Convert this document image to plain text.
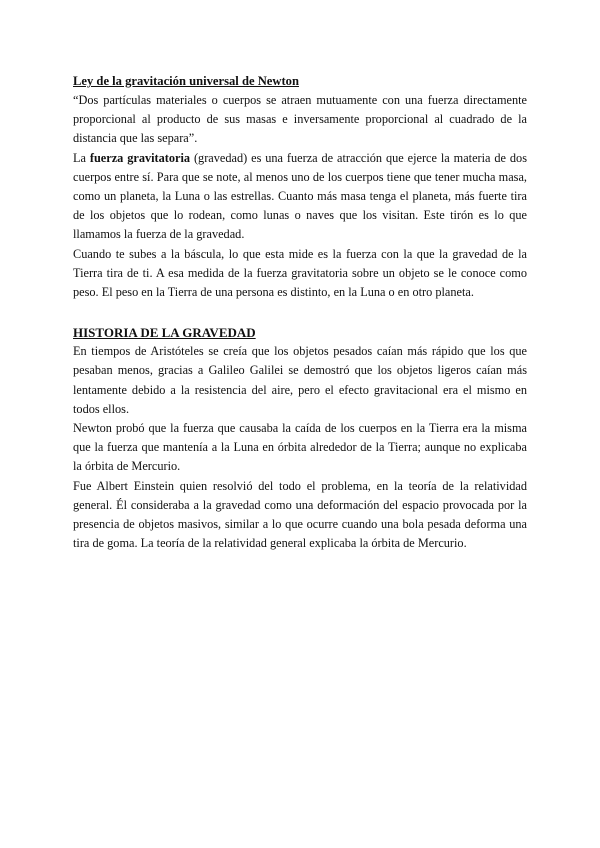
Ley de la gravitación universal de Newton

“Dos partículas materiales o cuerpos se atraen mutuamente con una fuerza directamente proporcional al producto de sus masas e inversamente proporcional al cuadrado de la distancia que las separa”.

La fuerza gravitatoria (gravedad) es una fuerza de atracción que ejerce la materia de dos cuerpos entre sí. Para que se note, al menos uno de los cuerpos tiene que tener mucha masa, como un planeta, la Luna o las estrellas. Cuanto más masa tenga el planeta, más fuerte tira de los objetos que lo rodean, como lunas o naves que los visitan. Este tirón es lo que llamamos la fuerza de la gravedad.

Cuando te subes a la báscula, lo que esta mide es la fuerza con la que la gravedad de la Tierra tira de ti. A esa medida de la fuerza gravitatoria sobre un objeto se le conoce como peso. El peso en la Tierra de una persona es distinto, en la Luna o en otro planeta.

HISTORIA DE LA GRAVEDAD

En tiempos de Aristóteles se creía que los objetos pesados caían más rápido que los que pesaban menos, gracias a Galileo Galilei se demostró que los objetos ligeros caían más lentamente debido a la resistencia del aire, pero el efecto gravitacional era el mismo en todos ellos.

Newton probó que la fuerza que causaba la caída de los cuerpos en la Tierra era la misma que la fuerza que mantenía a la Luna en órbita alrededor de la Tierra; aunque no explicaba la órbita de Mercurio.

Fue Albert Einstein quien resolvió del todo el problema, en la teoría de la relatividad general. Él consideraba a la gravedad como una deformación del espacio provocada por la presencia de objetos masivos, similar a lo que ocurre cuando una bola pesada deforma una tira de goma. La teoría de la relatividad general explicaba la órbita de Mercurio.
